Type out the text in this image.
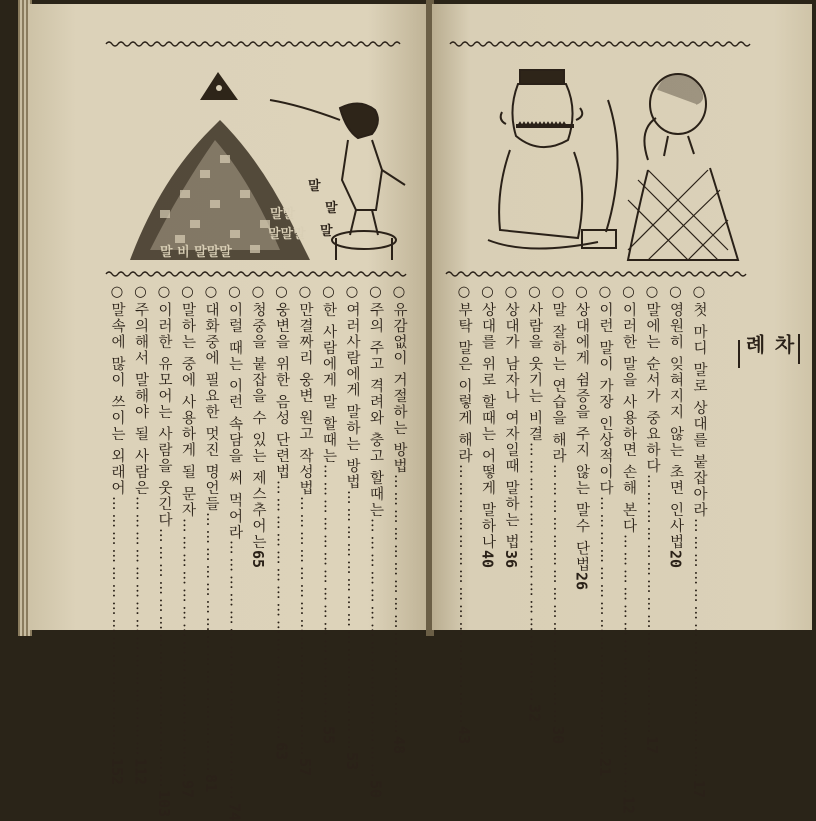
말
말
말
말말
말말말
말 비 말말말
○
유감없이 거절하는 방법
………………………………………
48
○
주의 주고 격려와 충고 할때는
………………………………………
50
○
여러사람에게 말하는 방법
………………………………………
53
○
한 사람에게 말 할때는
………………………………………
55
○
만결짜리 웅변 원고 작성법
………………………………………
57
○
웅변을 위한 음성 단련법
………………………………………
63
○
청중을 붙잡을 수 있는 제스추어는
65
○
이럴 때는 이런 속담을 써 먹어라
………………………………………
74
○
대화중에 필요한 멋진 명언들
………………………………………
81
○
말하는 중에 사용하게 될 문자
………………………………………
97
○
이러한 유모어는 사람을 웃긴다
………………………………………
103
○
주의해서 말해야 될 사람은
………………………………………
112
○
말속에 많이 쓰이는 외래어
………………………………………
152
차
례
○
첫 마디 말로 상대를 붙잡아라
………………………………………
17
○
영원히 잊혀지지 않는 초면 인사법
20
○
말에는 순서가 중요하다
………………………………………
17
○
이러한 말을 사용하면 손해 본다
………………………………………
12
○
이런 말이 가장 인상적이다
………………………………………
21
○
상대에게 쉼증을 주지 않는 말수 단법
26
○
말 잘하는 연습을 해라
………………………………………
30
○
사람을 웃기는 비결
………………………………………
32
○
상대가 남자나 여자일때 말하는 법
36
○
상대를 위로 할때는 어떻게 말하나
40
○
부탁 말은 이렇게 해라
………………………………………
43
